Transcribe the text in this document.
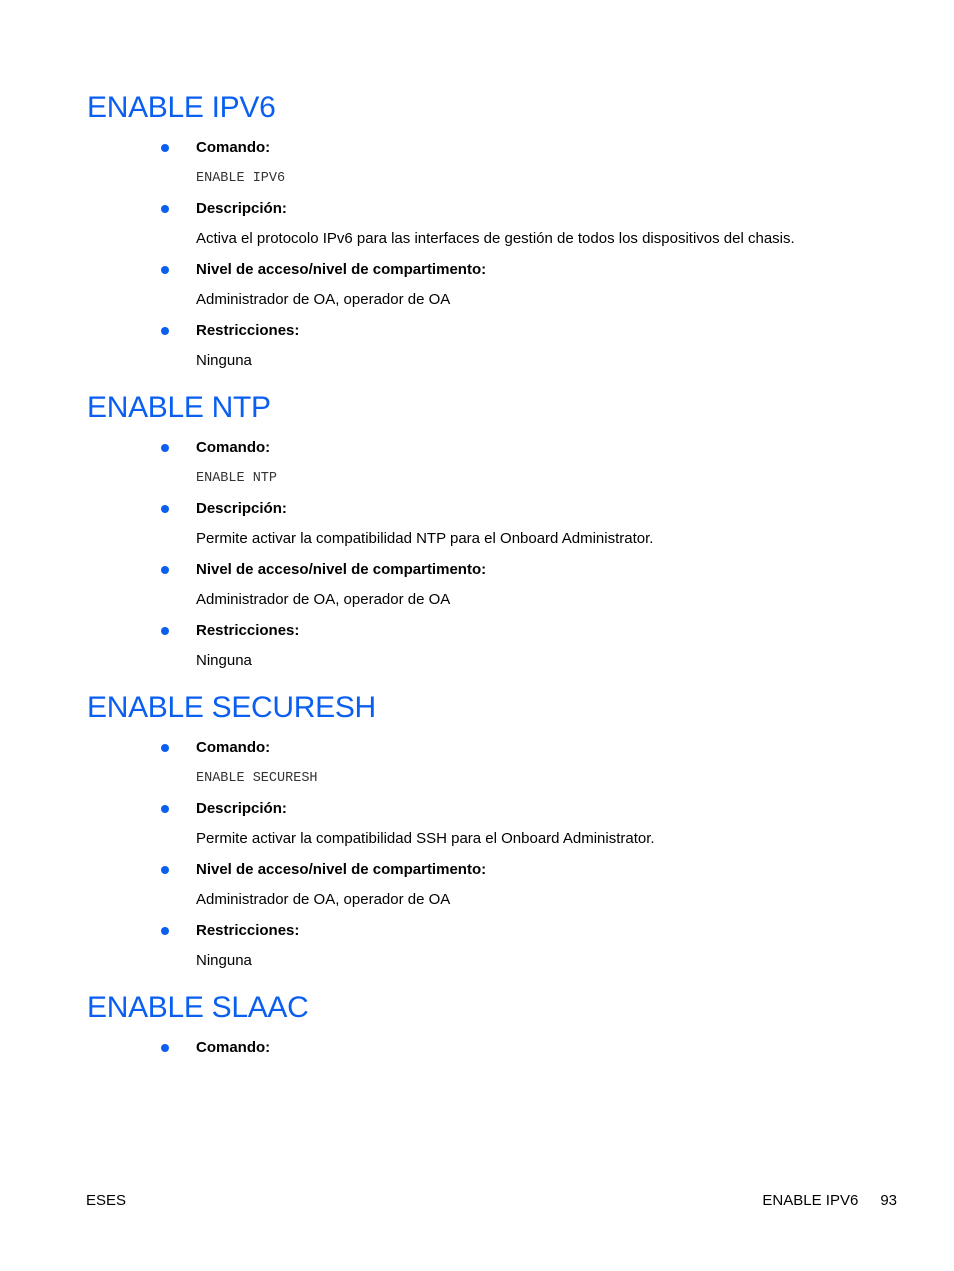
ENABLE IPV6
Comando:
ENABLE IPV6
Descripción:
Activa el protocolo IPv6 para las interfaces de gestión de todos los dispositivos del chasis.
Nivel de acceso/nivel de compartimento:
Administrador de OA, operador de OA
Restricciones:
Ninguna
ENABLE NTP
Comando:
ENABLE NTP
Descripción:
Permite activar la compatibilidad NTP para el Onboard Administrator.
Nivel de acceso/nivel de compartimento:
Administrador de OA, operador de OA
Restricciones:
Ninguna
ENABLE SECURESH
Comando:
ENABLE SECURESH
Descripción:
Permite activar la compatibilidad SSH para el Onboard Administrator.
Nivel de acceso/nivel de compartimento:
Administrador de OA, operador de OA
Restricciones:
Ninguna
ENABLE SLAAC
Comando:
ESES	ENABLE IPV6 93
